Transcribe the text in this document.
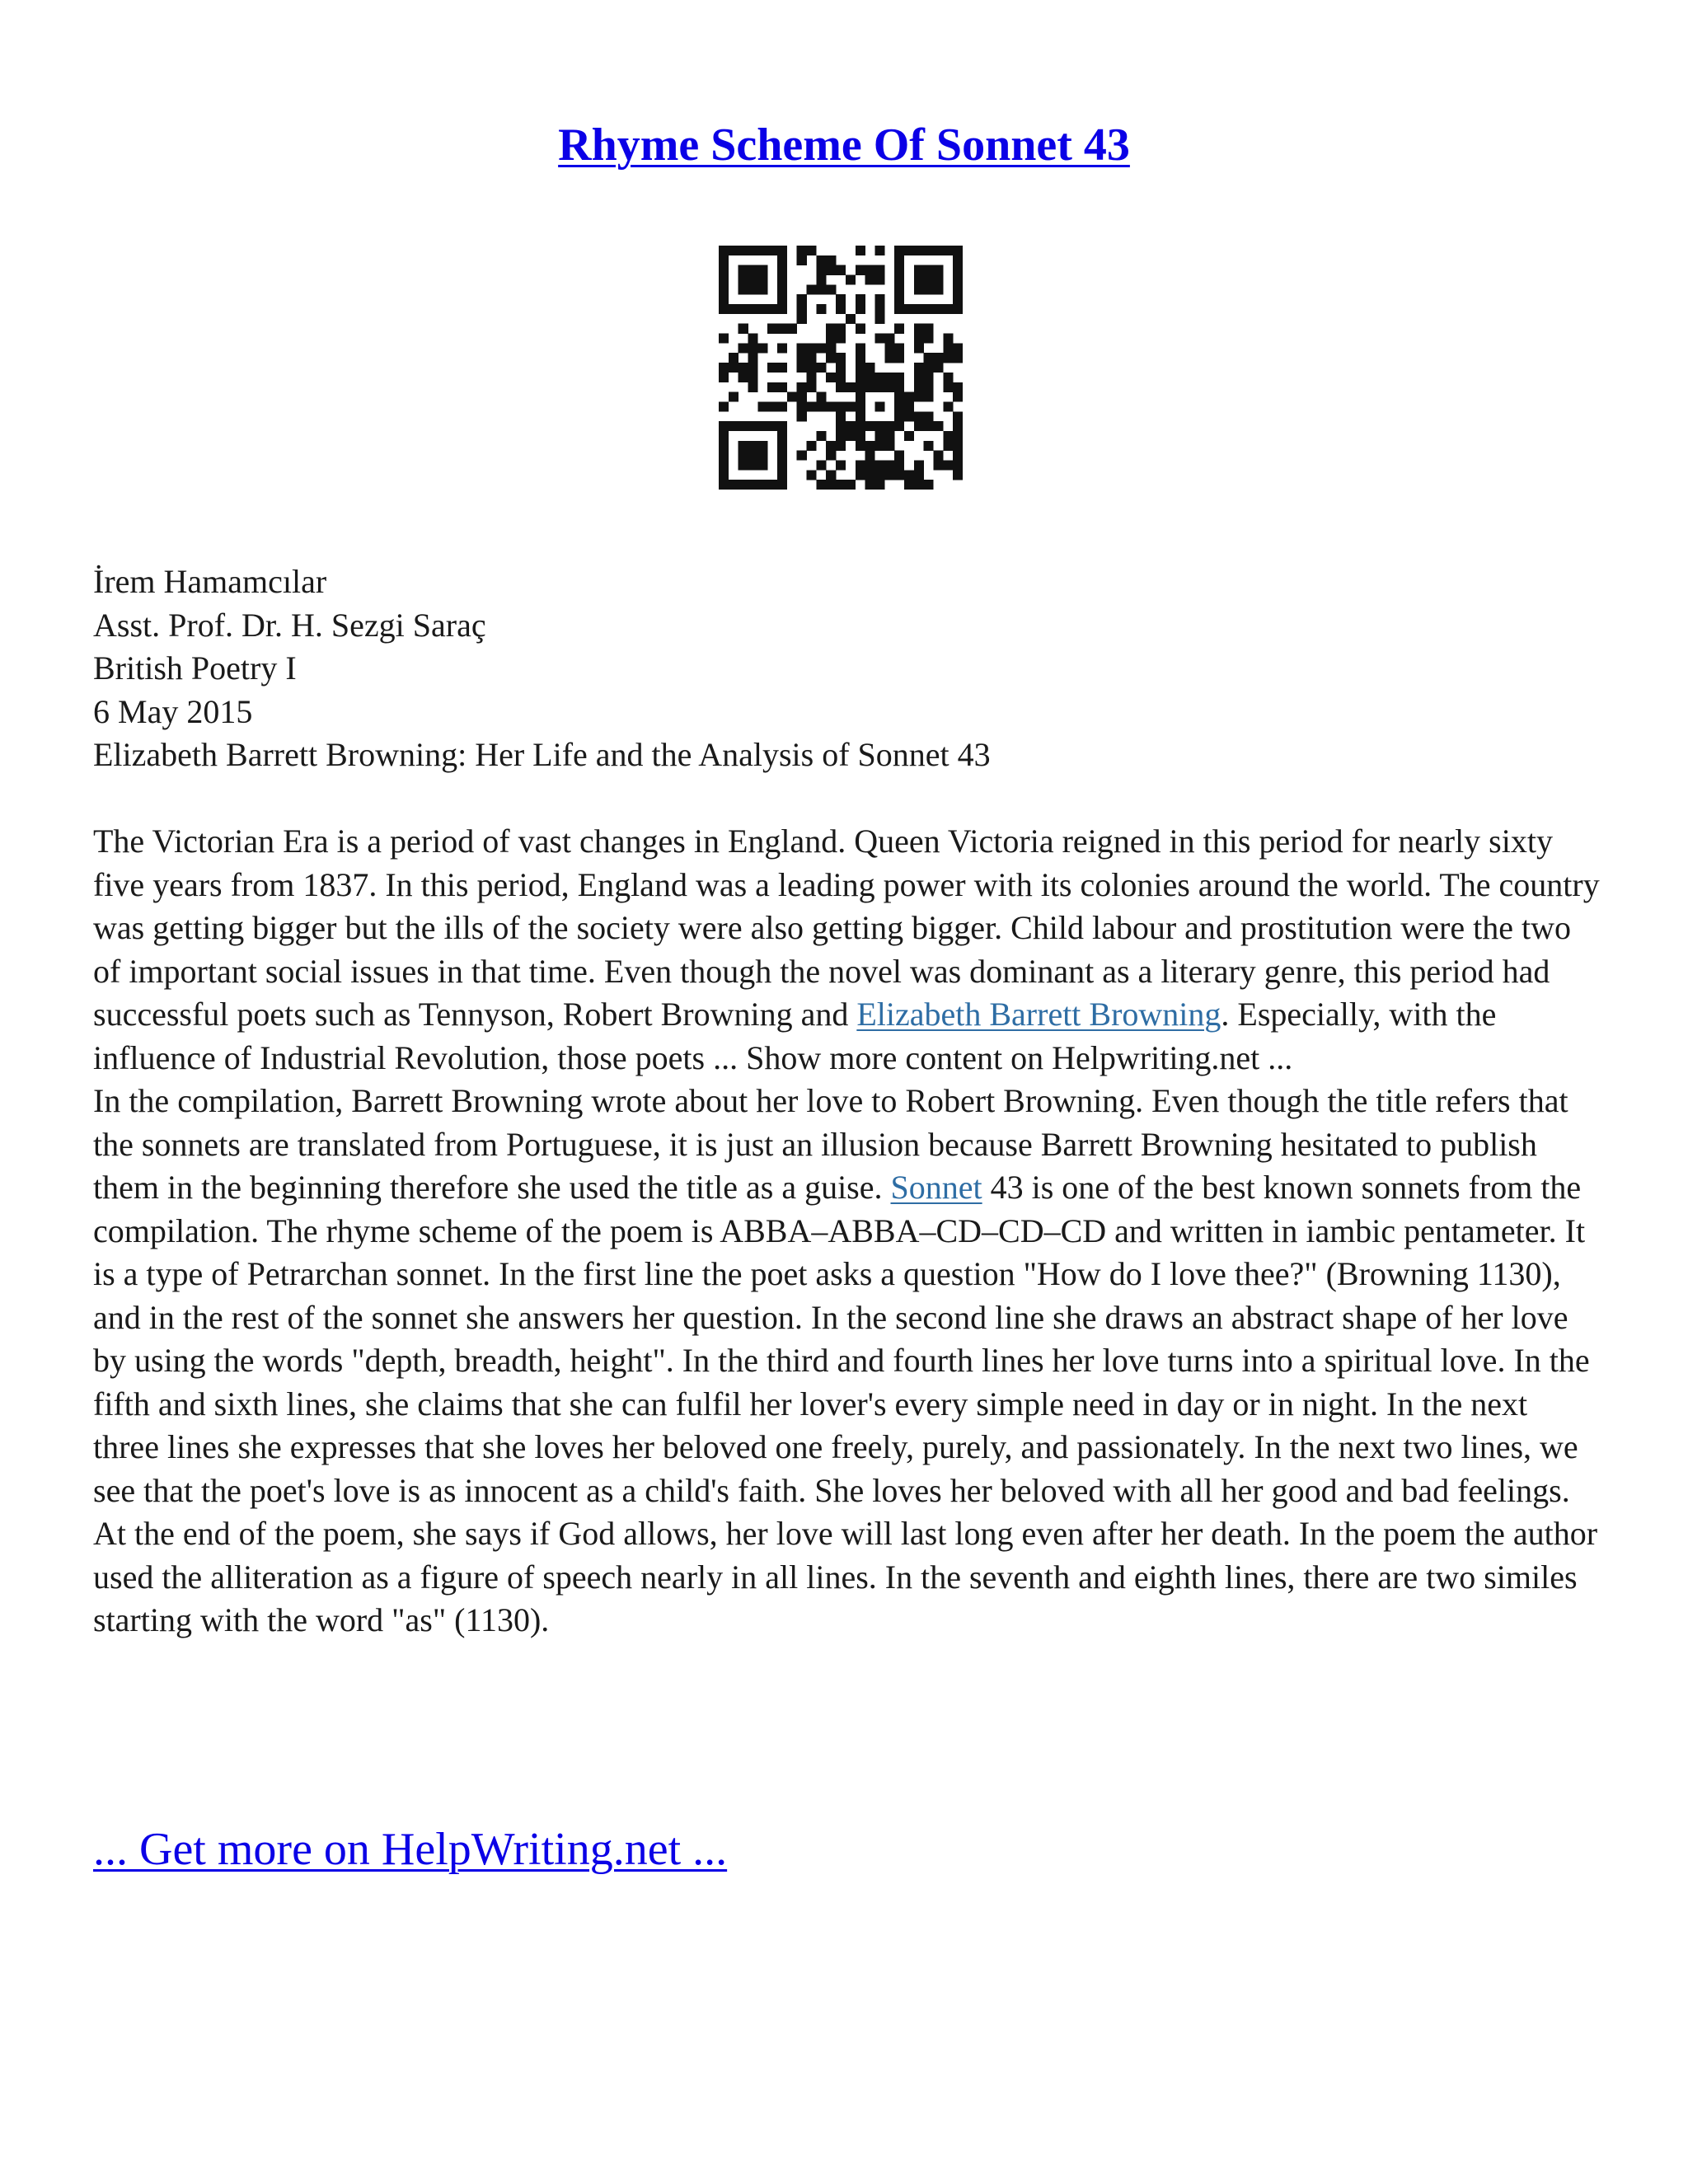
Rhyme Scheme Of Sonnet 43
İrem Hamamcılar
Asst. Prof. Dr. H. Sezgi Saraç
British Poetry I
6 May 2015
Elizabeth Barrett Browning: Her Life and the Analysis of Sonnet 43

The Victorian Era is a period of vast changes in England. Queen Victoria reigned in this period for nearly sixty five years from 1837. In this period, England was a leading power with its colonies around the world. The country was getting bigger but the ills of the society were also getting bigger. Child labour and prostitution were the two of important social issues in that time. Even though the novel was dominant as a literary genre, this period had successful poets such as Tennyson, Robert Browning and Elizabeth Barrett Browning. Especially, with the influence of Industrial Revolution, those poets ... Show more content on Helpwriting.net ...

In the compilation, Barrett Browning wrote about her love to Robert Browning. Even though the title refers that the sonnets are translated from Portuguese, it is just an illusion because Barrett Browning hesitated to publish them in the beginning therefore she used the title as a guise. Sonnet 43 is one of the best known sonnets from the compilation. The rhyme scheme of the poem is ABBA–ABBA–CD–CD–CD and written in iambic pentameter. It is a type of Petrarchan sonnet. In the first line the poet asks a question "How do I love thee?" (Browning 1130), and in the rest of the sonnet she answers her question. In the second line she draws an abstract shape of her love by using the words "depth, breadth, height". In the third and fourth lines her love turns into a spiritual love. In the fifth and sixth lines, she claims that she can fulfil her lover's every simple need in day or in night. In the next three lines she expresses that she loves her beloved one freely, purely, and passionately. In the next two lines, we see that the poet's love is as innocent as a child's faith. She loves her beloved with all her good and bad feelings. At the end of the poem, she says if God allows, her love will last long even after her death. In the poem the author used the alliteration as a figure of speech nearly in all lines. In the seventh and eighth lines, there are two similes starting with the word "as" (1130).

... Get more on HelpWriting.net ...
